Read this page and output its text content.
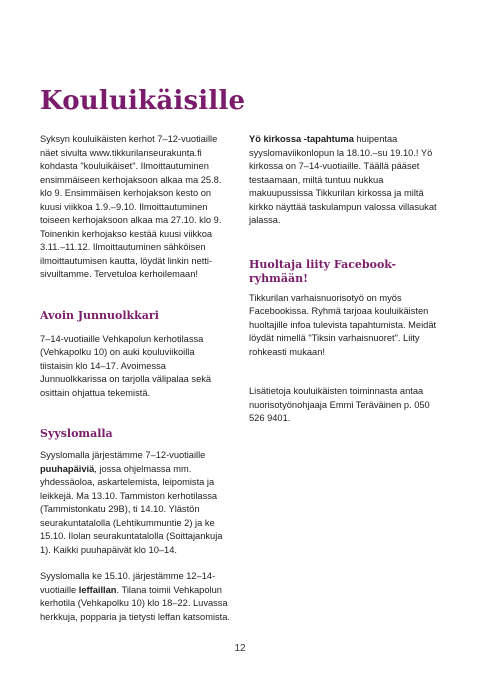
Kouluikäisille

Syksyn kouluikäisten kerhot 7–12-vuotiaille näet sivulta www.tikkurilanseurakunta.fi kohdasta "kouluikäiset". Ilmoittautuminen ensimmäiseen kerhojaksoon alkaa ma 25.8. klo 9. Ensimmäisen kerhojakson kesto on kuusi viikkoa 1.9.–9.10. Ilmoittautuminen toiseen kerhojaksoon alkaa ma 27.10. klo 9. Toinenkin kerhojakso kestää kuusi viikkoa 3.11.–11.12. Ilmoittautuminen sähköisen ilmoittautumisen kautta, löydät linkin netti-sivuiltamme. Tervetuloa kerhoilemaan!

Avoin Junnuolkkari

7–14-vuotiaille Vehkapolun kerhotilassa (Vehkapolku 10) on auki kouluviikoilla tiistaisin klo 14–17. Avoimessa Junnuolkkarissa on tarjolla välipalaa sekä osittain ohjattua tekemistä.

Syyslomalla

Syyslomalla järjestämme 7–12-vuotiaille puuhapäiviä, jossa ohjelmassa mm. yhdessäoloa, askartelemista, leipomista ja leikkejä. Ma 13.10. Tammiston kerhotilassa (Tammistonkatu 29B), ti 14.10. Ylästön seurakuntatalolla (Lehtikummuntie 2) ja ke 15.10. Ilolan seurakuntatalolla (Soittajankuja 1). Kaikki puuhapäivät klo 10–14.

Syyslomalla ke 15.10. järjestämme 12–14-vuotiaille leffaillan. Tilana toimii Vehkapolun kerhotila (Vehkapolku 10) klo 18–22. Luvassa herkkuja, popparia ja tietysti leffan katsomista.

Yö kirkossa -tapahtuma huipentaa syyslomaviikonlopun la 18.10.–su 19.10.! Yö kirkossa on 7–14-vuotiaille. Täällä pääset testaamaan, miltä tuntuu nukkua makuupussissa Tikkurilan kirkossa ja miltä kirkko näyttää taskulampun valossa villasukat jalassa.

Huoltaja liity Facebook-ryhmään!

Tikkurilan varhaisnuorisotyö on myös Facebookissa. Ryhmä tarjoaa kouluikäisten huoltajille infoa tulevista tapahtumista. Meidät löydät nimellä "Tiksin varhaisnuoret". Liity rohkeasti mukaan!

Lisätietoja kouluikäisten toiminnasta antaa nuorisotyönohjaaja Emmi Teräväinen p. 050 526 9401.

12
